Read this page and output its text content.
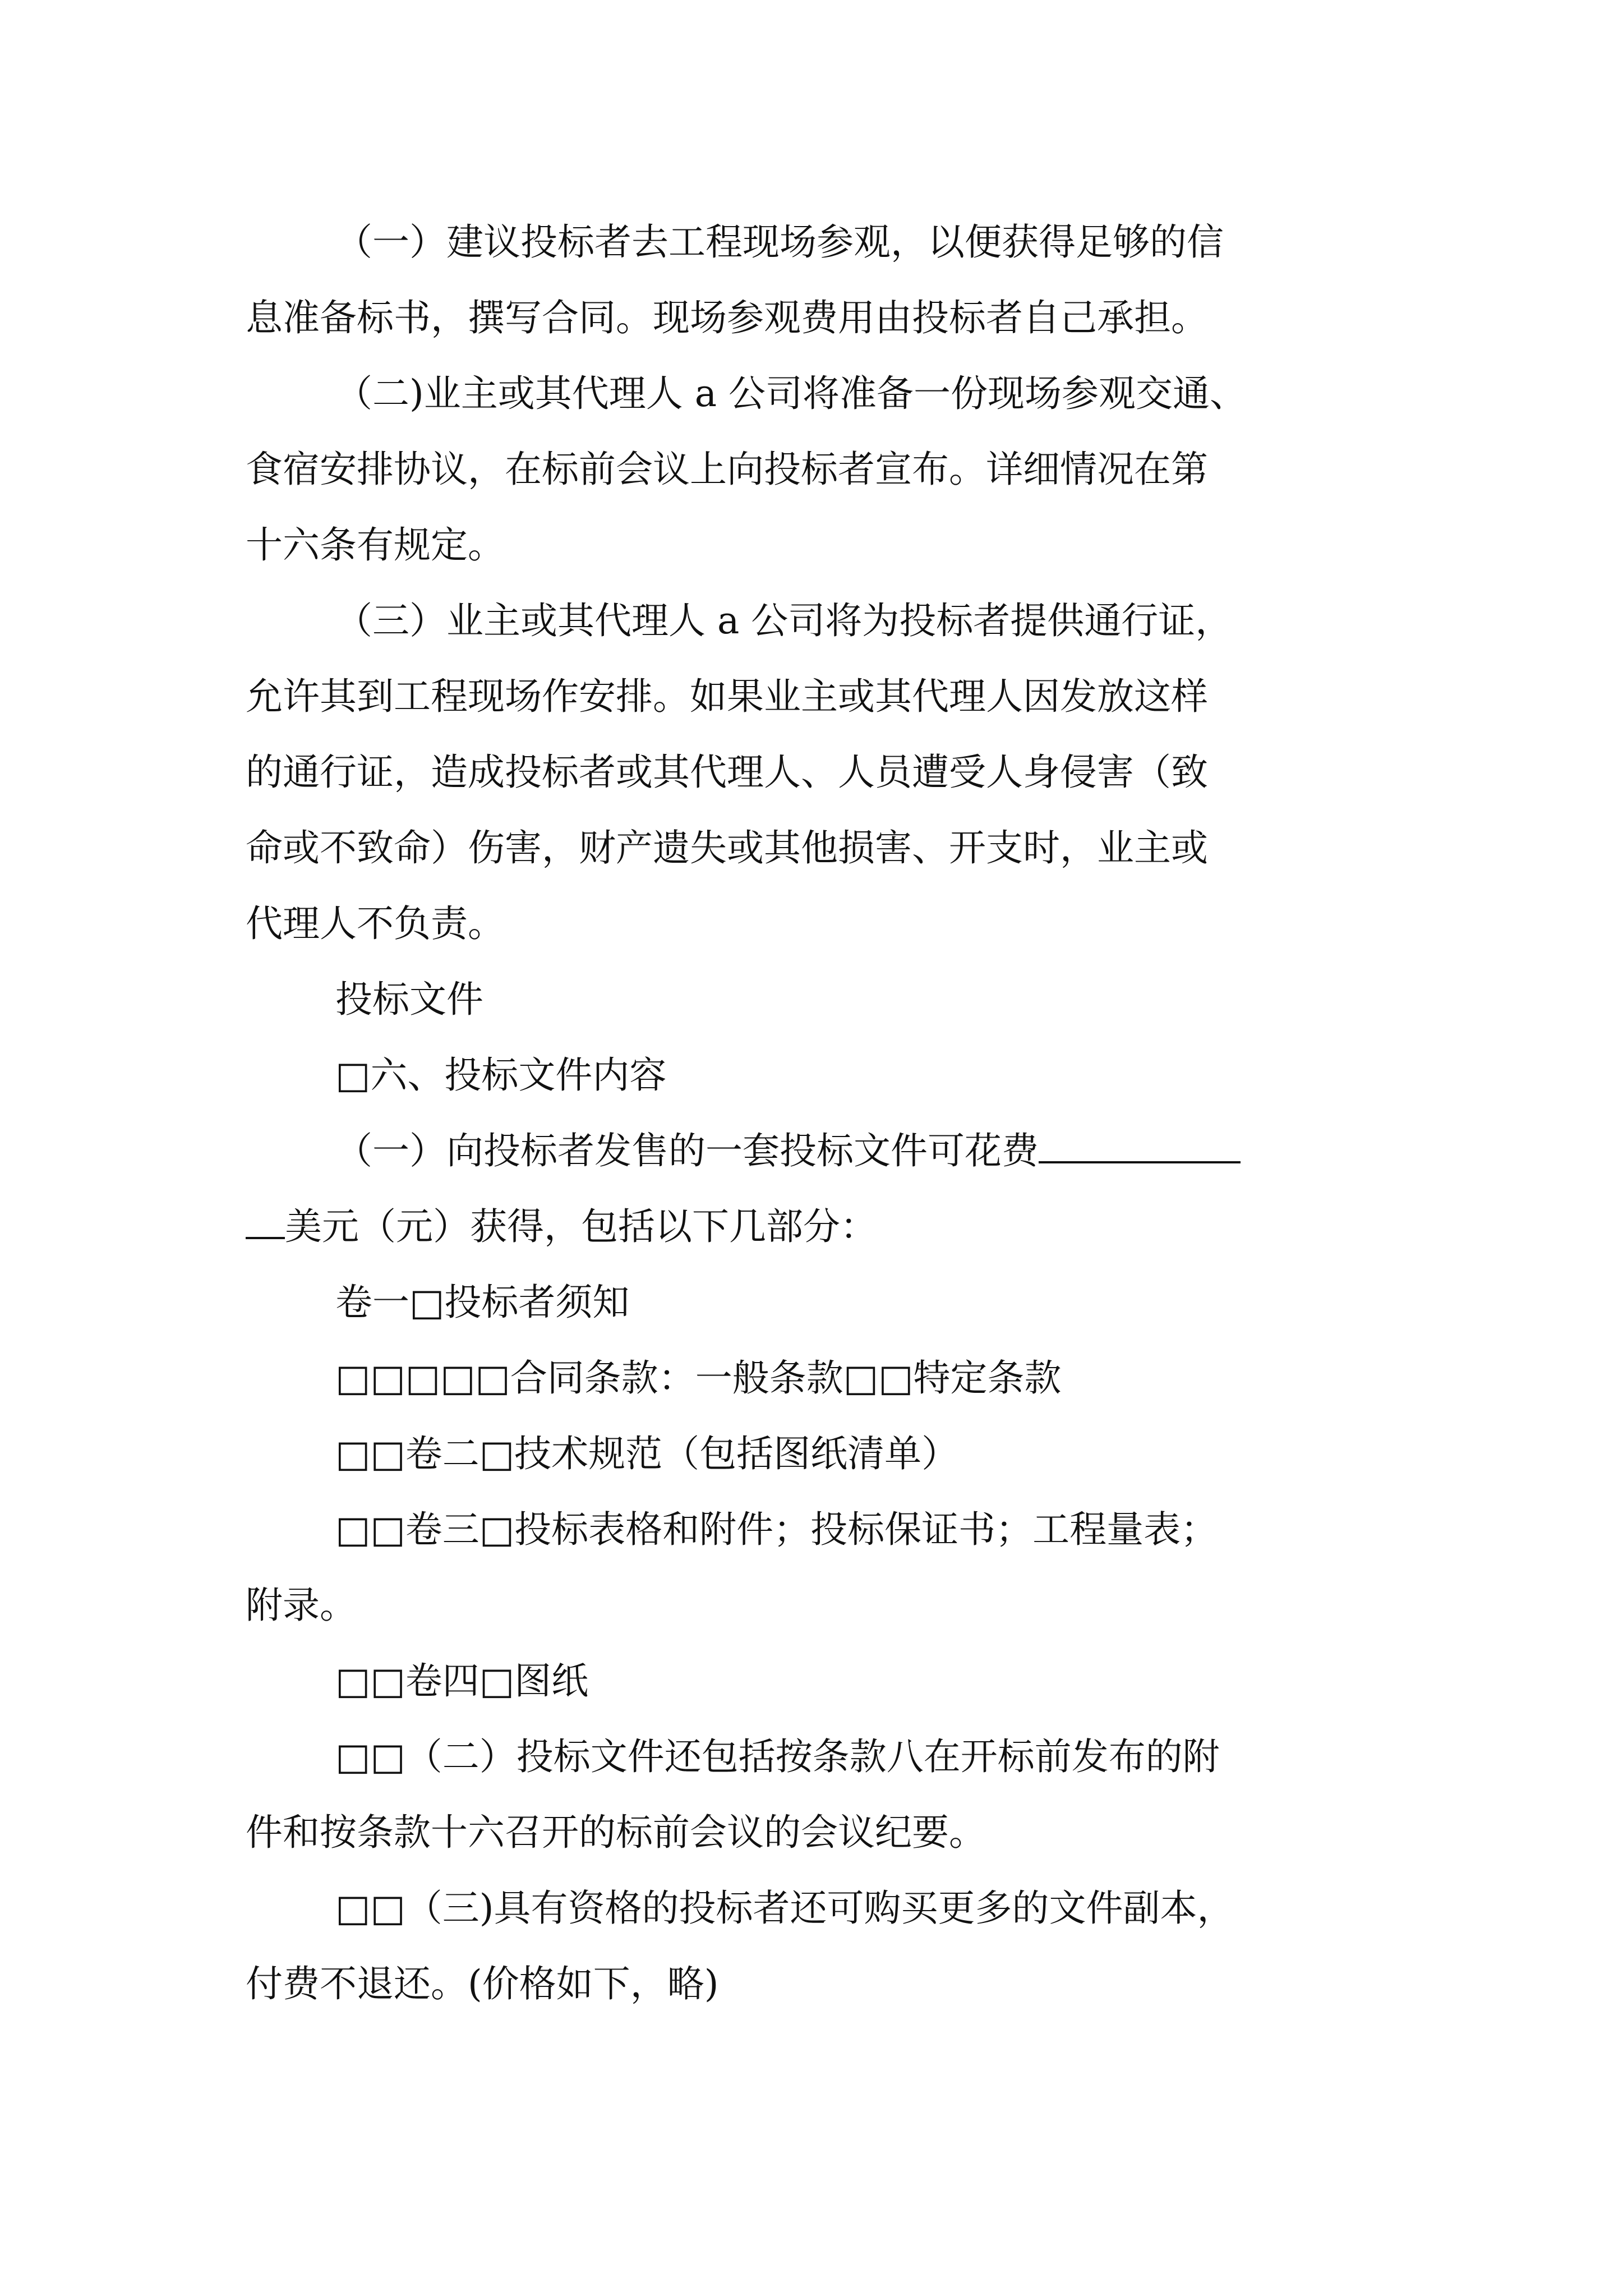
（一）建议投标者去工程现场参观，以便获得足够的信
息准备标书，撰写合同。现场参观费用由投标者自己承担。
（二)业主或其代理人 a 公司将准备一份现场参观交通、
食宿安排协议，在标前会议上向投标者宣布。详细情况在第
十六条有规定。
（三）业主或其代理人 a 公司将为投标者提供通行证，
允许其到工程现场作安排。如果业主或其代理人因发放这样
的通行证，造成投标者或其代理人、人员遭受人身侵害（致
命或不致命）伤害，财产遗失或其他损害、开支时，业主或
代理人不负责。
投标文件
□六、投标文件内容
（一）向投标者发售的一套投标文件可花费
美元（元）获得，包括以下几部分：
卷一□投标者须知
□□□□□合同条款：一般条款□□特定条款
□□卷二□技术规范（包括图纸清单）
□□卷三□投标表格和附件；投标保证书；工程量表；
附录。
□□卷四□图纸
□□（二）投标文件还包括按条款八在开标前发布的附
件和按条款十六召开的标前会议的会议纪要。
□□（三)具有资格的投标者还可购买更多的文件副本，
付费不退还。(价格如下，略)
